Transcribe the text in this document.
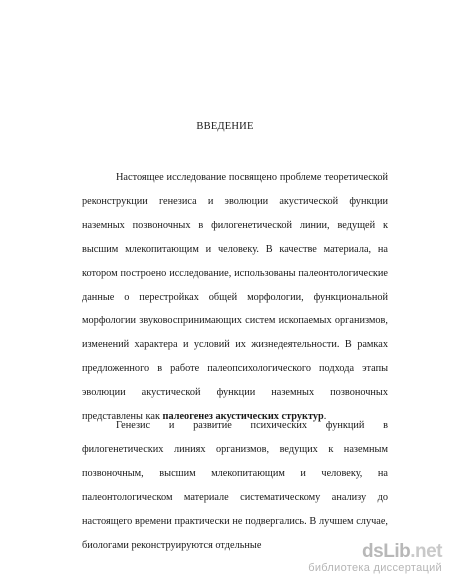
ВВЕДЕНИЕ

Настоящее исследование посвящено проблеме теоретической реконструкции генезиса и эволюции акустической функции наземных позвоночных в филогенетической линии, ведущей к высшим млекопитающим и человеку. В качестве материала, на котором построено исследование, использованы палеонтологические данные о перестройках общей морфологии, функциональной морфологии звуковоспринимающих систем ископаемых организмов, изменений характера и условий их жизнедеятельности. В рамках предложенного в работе палеопсихологического подхода этапы эволюции акустической функции наземных позвоночных представлены как палеогенез акустических структур.

Генезис и развитие психических функций в филогенетических линиях организмов, ведущих к наземным позвоночным, высшим млекопитающим и человеку, на палеонтологическом материале систематическому анализу до настоящего времени практически не подвергались. В лучшем случае, биологами реконструируются отдельные	dsLib.net
библиотека диссертаций
